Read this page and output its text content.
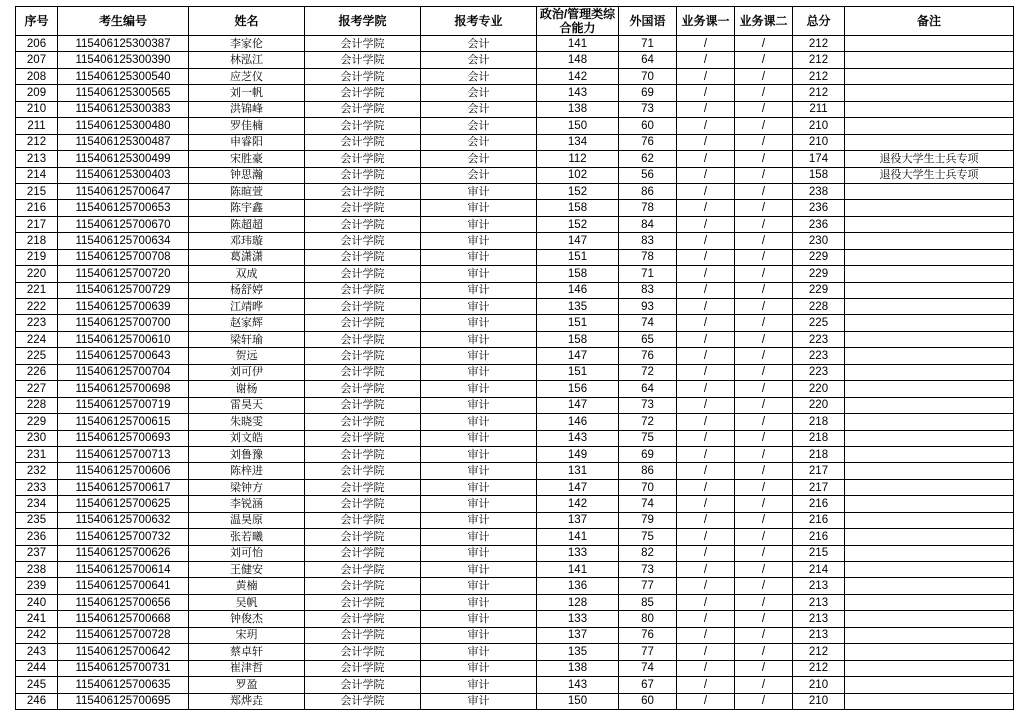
序号	考生编号	姓名	报考学院	报考专业	政治/管理类综合能力	外国语	业务课一	业务课二	总分	备注
206	115406125300387	李家伦	会计学院	会计	141	71	/	/	212	
207	115406125300390	林泓江	会计学院	会计	148	64	/	/	212	
208	115406125300540	应芝仪	会计学院	会计	142	70	/	/	212	
209	115406125300565	刘一帆	会计学院	会计	143	69	/	/	212	
210	115406125300383	洪锦峰	会计学院	会计	138	73	/	/	211	
211	115406125300480	罗佳楠	会计学院	会计	150	60	/	/	210	
212	115406125300487	申睿阳	会计学院	会计	134	76	/	/	210	
213	115406125300499	宋胜豪	会计学院	会计	112	62	/	/	174	退役大学生士兵专项
214	115406125300403	钟思瀚	会计学院	会计	102	56	/	/	158	退役大学生士兵专项
215	115406125700647	陈暄萱	会计学院	审计	152	86	/	/	238	
216	115406125700653	陈宇鑫	会计学院	审计	158	78	/	/	236	
217	115406125700670	陈超超	会计学院	审计	152	84	/	/	236	
218	115406125700634	邓玮璇	会计学院	审计	147	83	/	/	230	
219	115406125700708	葛潇潇	会计学院	审计	151	78	/	/	229	
220	115406125700720	双成	会计学院	审计	158	71	/	/	229	
221	115406125700729	杨舒婷	会计学院	审计	146	83	/	/	229	
222	115406125700639	江靖晔	会计学院	审计	135	93	/	/	228	
223	115406125700700	赵家辉	会计学院	审计	151	74	/	/	225	
224	115406125700610	梁轩瑜	会计学院	审计	158	65	/	/	223	
225	115406125700643	贺远	会计学院	审计	147	76	/	/	223	
226	115406125700704	刘可伊	会计学院	审计	151	72	/	/	223	
227	115406125700698	谢杨	会计学院	审计	156	64	/	/	220	
228	115406125700719	雷昊天	会计学院	审计	147	73	/	/	220	
229	115406125700615	朱晓雯	会计学院	审计	146	72	/	/	218	
230	115406125700693	刘文皓	会计学院	审计	143	75	/	/	218	
231	115406125700713	刘鲁豫	会计学院	审计	149	69	/	/	218	
232	115406125700606	陈梓进	会计学院	审计	131	86	/	/	217	
233	115406125700617	梁钟方	会计学院	审计	147	70	/	/	217	
234	115406125700625	李锐涵	会计学院	审计	142	74	/	/	216	
235	115406125700632	温昊原	会计学院	审计	137	79	/	/	216	
236	115406125700732	张若曦	会计学院	审计	141	75	/	/	216	
237	115406125700626	刘可怡	会计学院	审计	133	82	/	/	215	
238	115406125700614	王健安	会计学院	审计	141	73	/	/	214	
239	115406125700641	黄楠	会计学院	审计	136	77	/	/	213	
240	115406125700656	吴帆	会计学院	审计	128	85	/	/	213	
241	115406125700668	钟俊杰	会计学院	审计	133	80	/	/	213	
242	115406125700728	宋玥	会计学院	审计	137	76	/	/	213	
243	115406125700642	蔡卓轩	会计学院	审计	135	77	/	/	212	
244	115406125700731	崔津哲	会计学院	审计	138	74	/	/	212	
245	115406125700635	罗盈	会计学院	审计	143	67	/	/	210	
246	115406125700695	郑烨垚	会计学院	审计	150	60	/	/	210	
